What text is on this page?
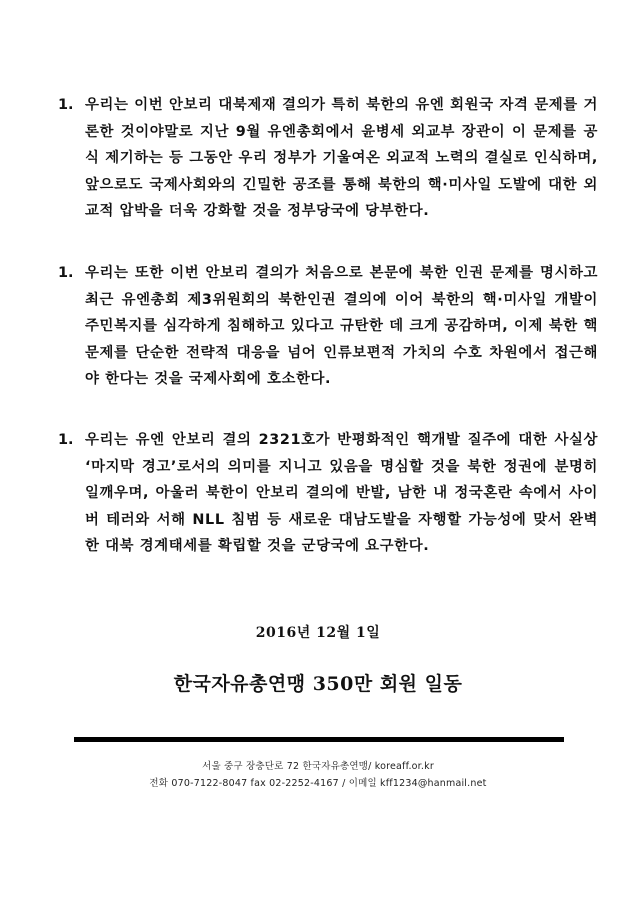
1. 우리는 이번 안보리 대북제재 결의가 특히 북한의 유엔 회원국 자격 문제를 거론한 것이야말로 지난 9월 유엔총회에서 윤병세 외교부 장관이 이 문제를 공식 제기하는 등 그동안 우리 정부가 기울여온 외교적 노력의 결실로 인식하며, 앞으로도 국제사회와의 긴밀한 공조를 통해 북한의 핵·미사일 도발에 대한 외교적 압박을 더욱 강화할 것을 정부당국에 당부한다.
1. 우리는 또한 이번 안보리 결의가 처음으로 본문에 북한 인권 문제를 명시하고 최근 유엔총회 제3위원회의 북한인권 결의에 이어 북한의 핵·미사일 개발이 주민복지를 심각하게 침해하고 있다고 규탄한 데 크게 공감하며, 이제 북한 핵 문제를 단순한 전략적 대응을 넘어 인류보편적 가치의 수호 차원에서 접근해야 한다는 것을 국제사회에 호소한다.
1. 우리는 유엔 안보리 결의 2321호가 반평화적인 핵개발 질주에 대한 사실상 ‘마지막 경고’로서의 의미를 지니고 있음을 명심할 것을 북한 정권에 분명히 일깨우며, 아울러 북한이 안보리 결의에 반발, 남한 내 정국혼란 속에서 사이버 테러와 서해 NLL 침범 등 새로운 대남도발을 자행할 가능성에 맞서 완벽한 대북 경계태세를 확립할 것을 군당국에 요구한다.
2016년 12월 1일
한국자유총연맹 350만 회원 일동
서울 중구 장충단로 72 한국자유총연맹/ koreaff.or.kr
전화 070-7122-8047 fax 02-2252-4167 / 이메일 kff1234@hanmail.net
